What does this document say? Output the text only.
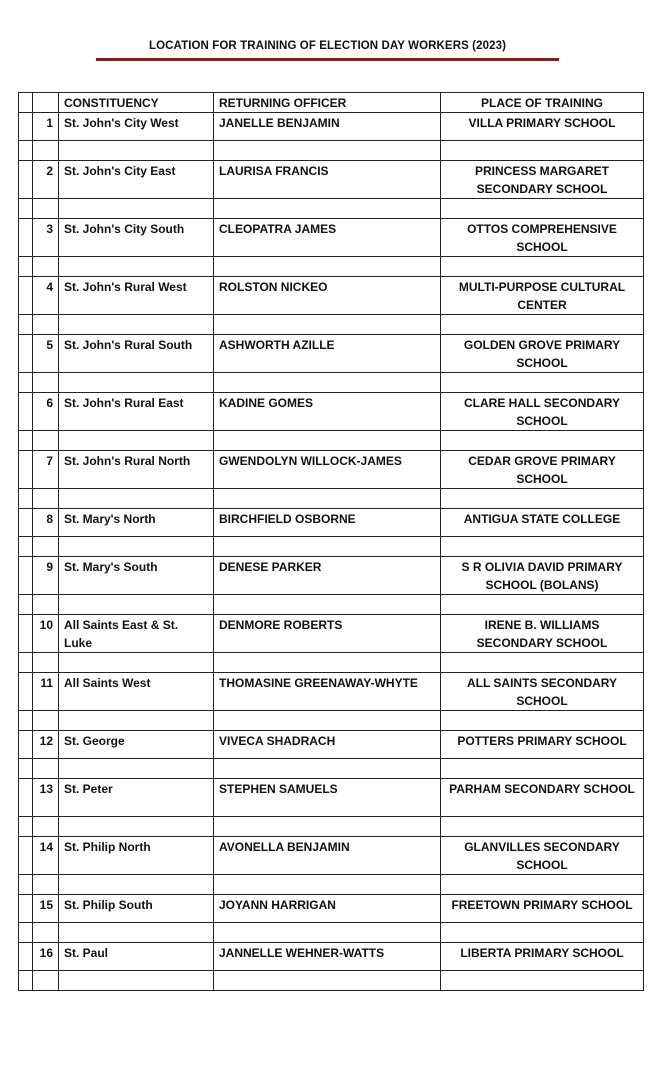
LOCATION FOR TRAINING OF ELECTION DAY WORKERS (2023)
		CONSTITUENCY	RETURNING OFFICER	PLACE OF TRAINING
	1	St. John's City West	JANELLE BENJAMIN	VILLA PRIMARY SCHOOL

	2	St. John's City East	LAURISA FRANCIS	PRINCESS MARGARET SECONDARY SCHOOL

	3	St. John's City South	CLEOPATRA JAMES	OTTOS COMPREHENSIVE SCHOOL

	4	St. John's Rural West	ROLSTON NICKEO	MULTI-PURPOSE CULTURAL CENTER

	5	St. John's Rural South	ASHWORTH AZILLE	GOLDEN GROVE PRIMARY SCHOOL

	6	St. John's Rural East	KADINE GOMES	CLARE HALL SECONDARY SCHOOL

	7	St. John's Rural North	GWENDOLYN WILLOCK-JAMES	CEDAR GROVE PRIMARY SCHOOL

	8	St. Mary's North	BIRCHFIELD OSBORNE	ANTIGUA STATE COLLEGE

	9	St. Mary's South	DENESE PARKER	S R OLIVIA DAVID PRIMARY SCHOOL (BOLANS)

	10	All Saints East & St. Luke	DENMORE ROBERTS	IRENE B. WILLIAMS SECONDARY SCHOOL

	11	All Saints West	THOMASINE GREENAWAY-WHYTE	ALL SAINTS SECONDARY SCHOOL

	12	St. George	VIVECA SHADRACH	POTTERS PRIMARY SCHOOL

	13	St. Peter	STEPHEN SAMUELS	PARHAM SECONDARY SCHOOL

	14	St. Philip North	AVONELLA BENJAMIN	GLANVILLES SECONDARY SCHOOL

	15	St. Philip South	JOYANN HARRIGAN	FREETOWN PRIMARY SCHOOL

	16	St. Paul	JANNELLE WEHNER-WATTS	LIBERTA PRIMARY SCHOOL
